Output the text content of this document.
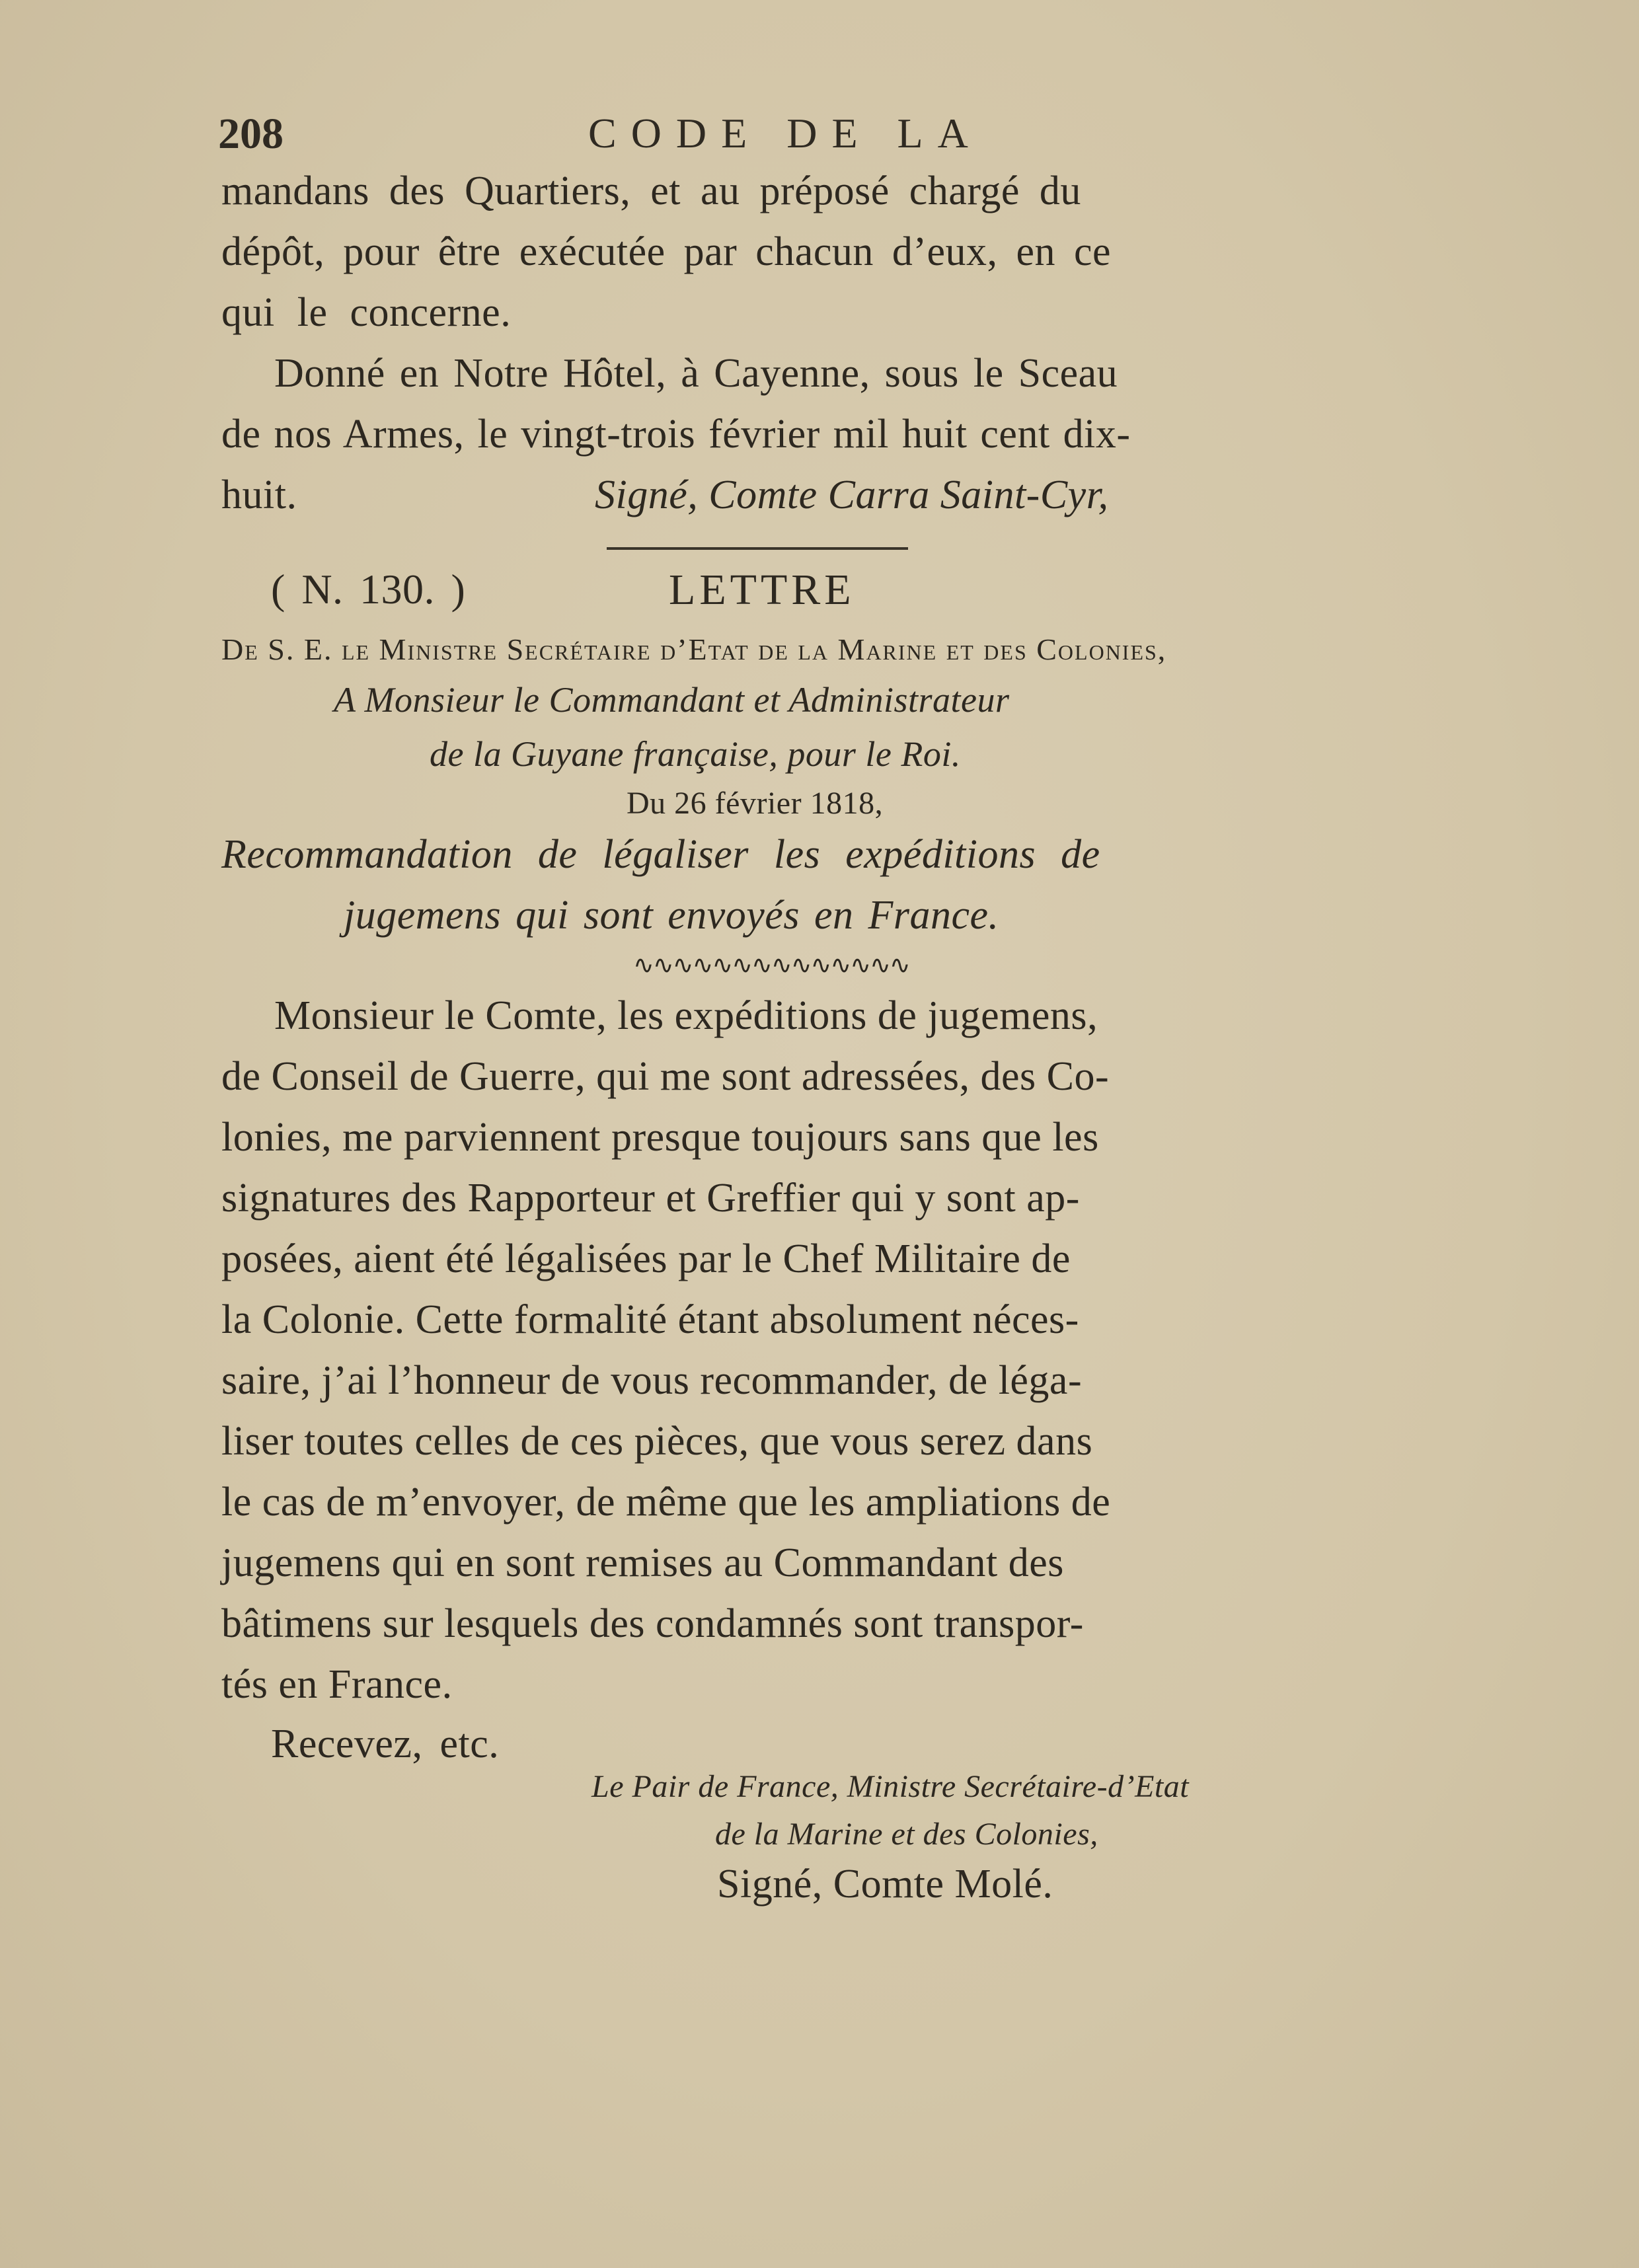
208	CODE DE LA
mandans des Quartiers, et au préposé chargé du
dépôt, pour être exécutée par chacun d’eux, en ce
qui le concerne.
Donné en Notre Hôtel, à Cayenne, sous le Sceau
de nos Armes, le vingt-trois février mil huit cent dix-
huit.	Signé, Comte Carra Saint-Cyr,
( N. 130. )	LETTRE
De S. E. le Ministre Secrétaire d’Etat de la Marine et des Colonies,
A Monsieur le Commandant et Administrateur
de la Guyane française, pour le Roi.
Du 26 février 1818,
Recommandation de légaliser les expéditions de
jugemens qui sont envoyés en France.
∿∿∿∿∿∿∿∿∿∿∿∿∿∿
Monsieur le Comte, les expéditions de jugemens,
de Conseil de Guerre, qui me sont adressées, des Co-
lonies, me parviennent presque toujours sans que les
signatures des Rapporteur et Greffier qui y sont ap-
posées, aient été légalisées par le Chef Militaire de
la Colonie. Cette formalité étant absolument néces-
saire, j’ai l’honneur de vous recommander, de léga-
liser toutes celles de ces pièces, que vous serez dans
le cas de m’envoyer, de même que les ampliations de
jugemens qui en sont remises au Commandant des
bâtimens sur lesquels des condamnés sont transpor-
tés en France.
Recevez, etc.
Le Pair de France, Ministre Secrétaire-d’Etat
de la Marine et des Colonies,
Signé, Comte Molé.
